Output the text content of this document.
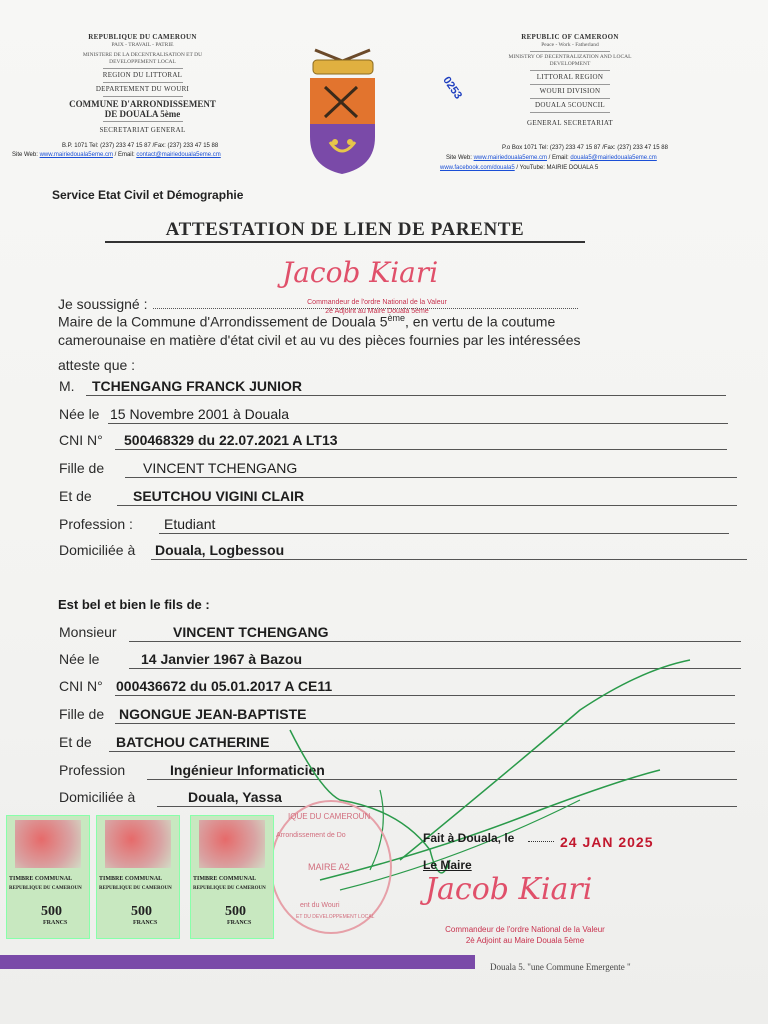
REPUBLIQUE DU CAMEROUN
PAIX - TRAVAIL - PATRIE
MINISTERE DE LA DECENTRALISATION ET DU DEVELOPPEMENT LOCAL
REGION DU LITTORAL
DEPARTEMENT DU WOURI
COMMUNE D'ARRONDISSEMENT
DE DOUALA 5ème
SECRETARIAT GENERAL
B.P. 1071 Tel: (237) 233 47 15 87 /Fax: (237) 233 47 15 88
Site Web: www.mairiedouala5eme.cm / Email: contact@mairiedouala5eme.cm
0253
REPUBLIC OF CAMEROON
Peace - Work - Fatherland
MINISTRY OF DECENTRALIZATION AND LOCAL DEVELOPMENT
LITTORAL REGION
WOURI DIVISION
DOUALA 5COUNCIL
GENERAL SECRETARIAT
P.o Box 1071 Tel: (237) 233 47 15 87 /Fax: (237) 233 47 15 88
Site Web: www.mairiedouala5eme.cm / Email: douala5@mairiedouala5eme.cm
www.facebook.com/douala5 / YouTube: MAIRIE DOUALA 5
Service Etat Civil et Démographie
ATTESTATION DE LIEN DE PARENTE
Jacob Kiari
Commandeur de l'ordre National de la Valeur
2è Adjoint au Maire Douala 5ème
Je soussigné :
Maire de la Commune d'Arrondissement de Douala 5ème, en vertu de la coutume
camerounaise en matière d'état civil et au vu des pièces fournies par les intéressées
atteste que :
M. TCHENGANG FRANCK JUNIOR
Née le 15 Novembre 2001 à Douala
CNI N° 500468329 du 22.07.2021 A LT13
Fille de	VINCENT TCHENGANG
Et de	SEUTCHOU VIGINI CLAIR
Profession : Etudiant
Domiciliée à Douala, Logbessou
Est bel et bien le fils de :
Monsieur	VINCENT TCHENGANG
Née le	14 Janvier 1967 à Bazou
CNI N° 000436672 du 05.01.2017 A CE11
Fille de NGONGUE JEAN-BAPTISTE
Et de BATCHOU CATHERINE
Profession	Ingénieur Informaticien
Domiciliée à	Douala, Yassa
IQUE DU CAMEROUN
Arrondissement de Do
MAIRE A2
ent du Wouri
ET DU DEVELOPPEMENT LOCAL
500
FRANCS
TIMBRE COMMUNAL
REPUBLIQUE DU CAMEROUN
500
FRANCS
TIMBRE COMMUNAL
REPUBLIQUE DU CAMEROUN
500
FRANCS
TIMBRE COMMUNAL
REPUBLIQUE DU CAMEROUN
Fait à Douala, le	24 JAN 2025
Le Maire
Jacob Kiari
Commandeur de l'ordre National de la Valeur
2è Adjoint au Maire Douala 5ème
Douala 5. "une Commune Emergente "
